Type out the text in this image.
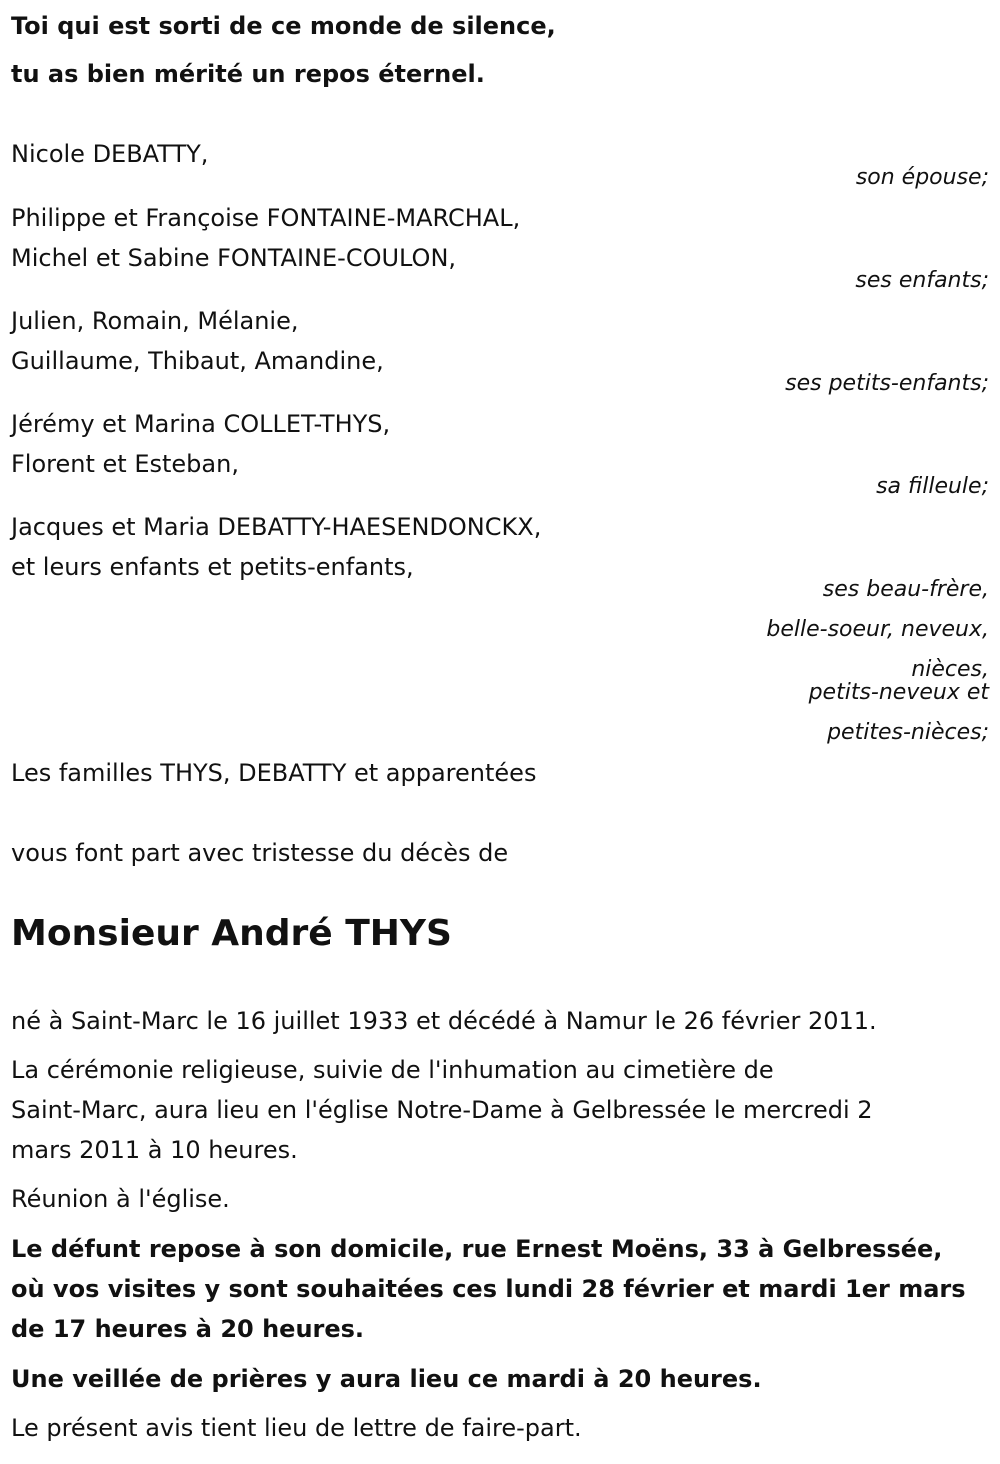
Toi qui est sorti de ce monde de silence,

tu as bien mérité un repos éternel.

Nicole DEBATTY,

son épouse;

Philippe et Françoise FONTAINE-MARCHAL,

Michel et Sabine FONTAINE-COULON,

ses enfants;

Julien, Romain, Mélanie,

Guillaume, Thibaut, Amandine,

ses petits-enfants;

Jérémy et Marina COLLET-THYS,

Florent et Esteban,

sa filleule;

Jacques et Maria DEBATTY-HAESENDONCKX,

et leurs enfants et petits-enfants,

ses beau-frère,

belle-soeur, neveux,

nièces,

petits-neveux et

petites-nièces;

Les familles THYS, DEBATTY et apparentées

vous font part avec tristesse du décès de

Monsieur André THYS

né à Saint-Marc le 16 juillet 1933 et décédé à Namur le 26 février 2011.

La cérémonie religieuse, suivie de l'inhumation au cimetière de

Saint-Marc, aura lieu en l'église Notre-Dame à Gelbressée le mercredi 2

mars 2011 à 10 heures.

Réunion à l'église.

Le défunt repose à son domicile, rue Ernest Moëns, 33 à Gelbressée,

où vos visites y sont souhaitées ces lundi 28 février et mardi 1er mars

de 17 heures à 20 heures.

Une veillée de prières y aura lieu ce mardi à 20 heures.

Le présent avis tient lieu de lettre de faire-part.
